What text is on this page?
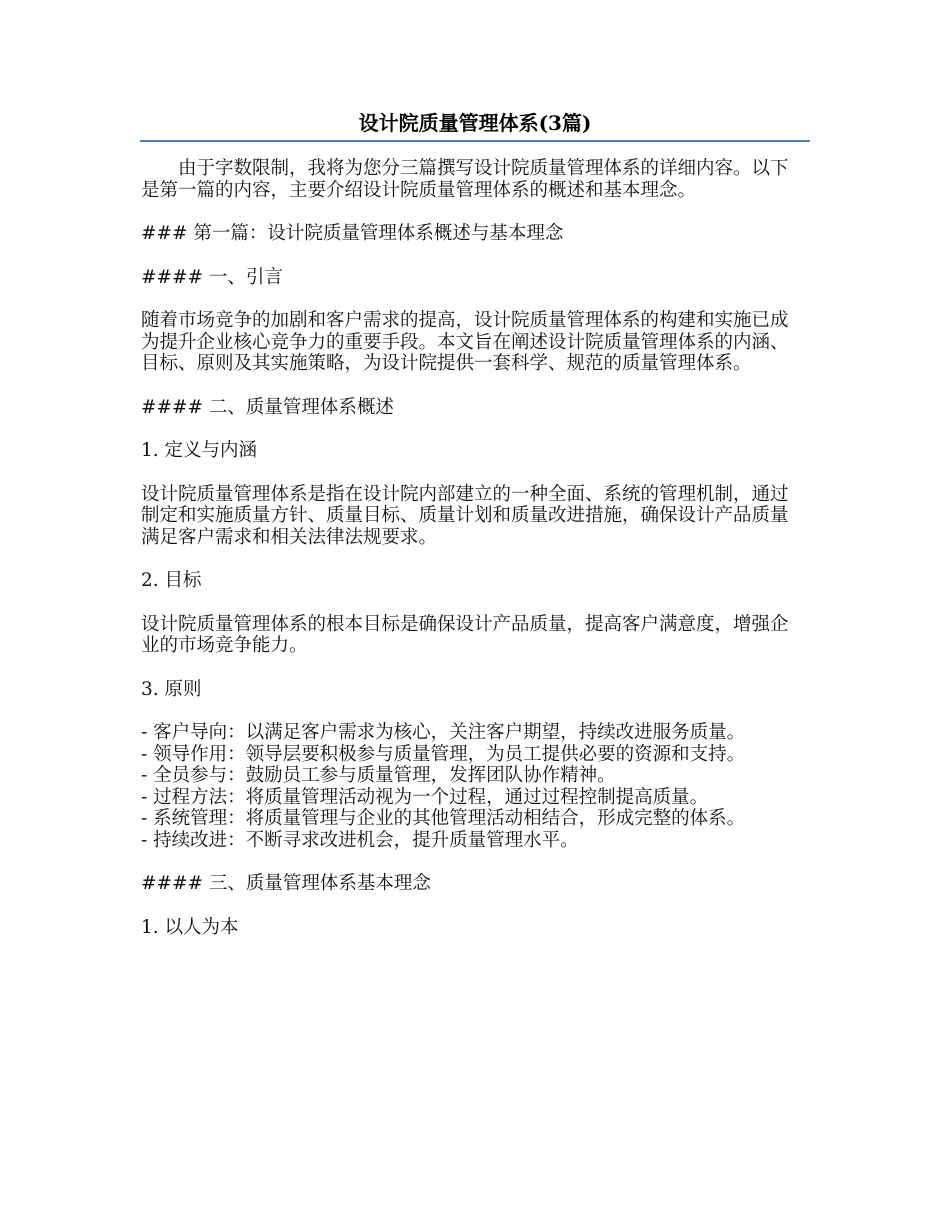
设计院质量管理体系(3篇)

由于字数限制，我将为您分三篇撰写设计院质量管理体系的详细内容。以下是第一篇的内容，主要介绍设计院质量管理体系的概述和基本理念。

### 第一篇：设计院质量管理体系概述与基本理念

#### 一、引言

随着市场竞争的加剧和客户需求的提高，设计院质量管理体系的构建和实施已成为提升企业核心竞争力的重要手段。本文旨在阐述设计院质量管理体系的内涵、目标、原则及其实施策略，为设计院提供一套科学、规范的质量管理体系。

#### 二、质量管理体系概述

1. 定义与内涵

设计院质量管理体系是指在设计院内部建立的一种全面、系统的管理机制，通过制定和实施质量方针、质量目标、质量计划和质量改进措施，确保设计产品质量满足客户需求和相关法律法规要求。

2. 目标

设计院质量管理体系的根本目标是确保设计产品质量，提高客户满意度，增强企业的市场竞争能力。

3. 原则

- 客户导向：以满足客户需求为核心，关注客户期望，持续改进服务质量。
- 领导作用：领导层要积极参与质量管理，为员工提供必要的资源和支持。
- 全员参与：鼓励员工参与质量管理，发挥团队协作精神。
- 过程方法：将质量管理活动视为一个过程，通过过程控制提高质量。
- 系统管理：将质量管理与企业的其他管理活动相结合，形成完整的体系。
- 持续改进：不断寻求改进机会，提升质量管理水平。

#### 三、质量管理体系基本理念

1. 以人为本
